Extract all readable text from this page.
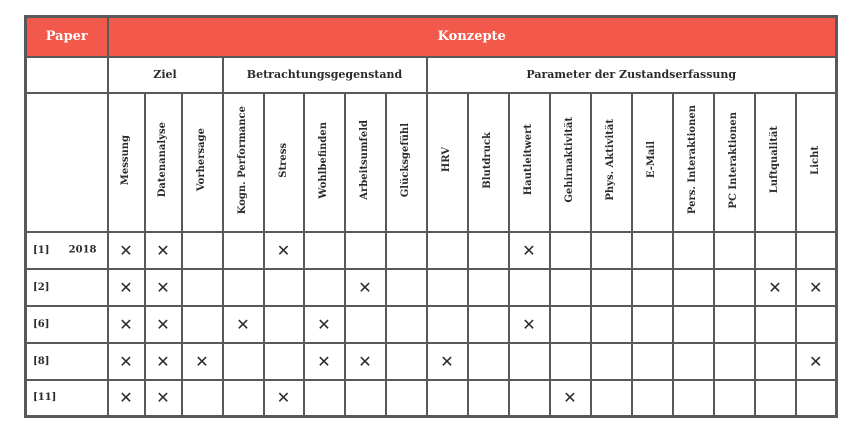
Paper	Konzepte																	
	Ziel			Betrachtungsgegenstand					Parameter der Zustandserfassung									
	Messung	Datenanalyse	Vorhersage	Kogn. Performance	Stress	Wohlbefinden	Arbeitsumfeld	Glücksgefühl	HRV	Blutdruck	Hautleitwert	Gehirnaktivität	Phys. Aktivität	E-Mail	Pers. Interaktionen	PC Interaktionen	Luftqualität	Licht
[1] 2018	✕	✕			✕						✕							
[2]	✕	✕					✕										✕	✕
[6]	✕	✕		✕		✕					✕							
[8]	✕	✕	✕			✕	✕		✕									✕
[11]	✕	✕			✕							✕						
